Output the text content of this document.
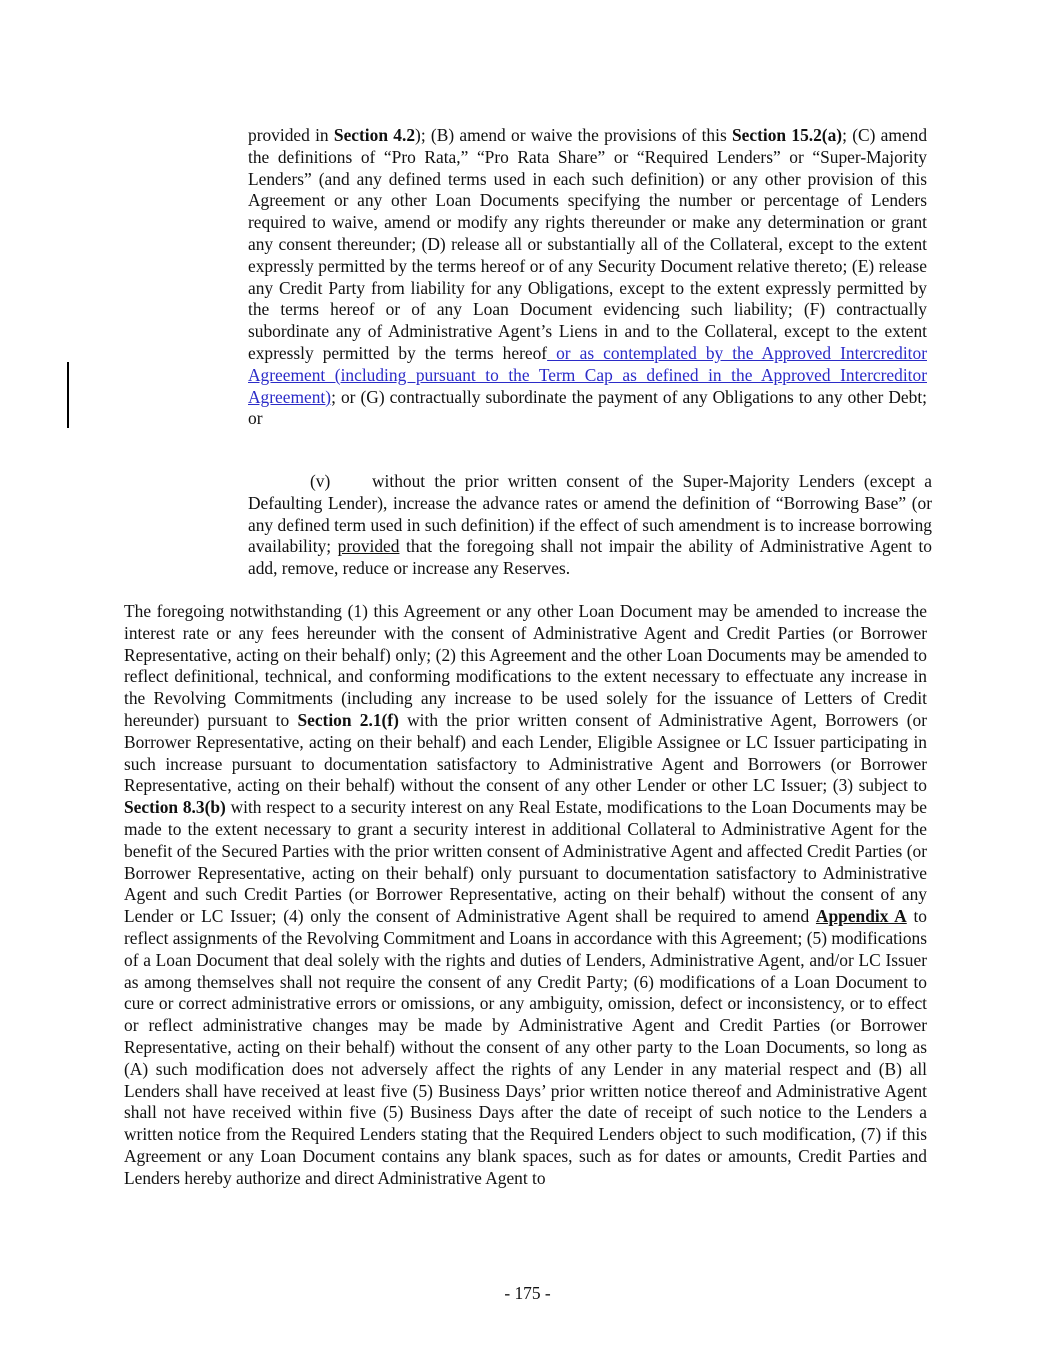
provided in Section 4.2); (B) amend or waive the provisions of this Section 15.2(a); (C) amend the definitions of “Pro Rata,” “Pro Rata Share” or “Required Lenders” or “Super-Majority Lenders” (and any defined terms used in each such definition) or any other provision of this Agreement or any other Loan Documents specifying the number or percentage of Lenders required to waive, amend or modify any rights thereunder or make any determination or grant any consent thereunder; (D) release all or substantially all of the Collateral, except to the extent expressly permitted by the terms hereof or of any Security Document relative thereto; (E) release any Credit Party from liability for any Obligations, except to the extent expressly permitted by the terms hereof or of any Loan Document evidencing such liability; (F) contractually subordinate any of Administrative Agent’s Liens in and to the Collateral, except to the extent expressly permitted by the terms hereof or as contemplated by the Approved Intercreditor Agreement (including pursuant to the Term Cap as defined in the Approved Intercreditor Agreement); or (G) contractually subordinate the payment of any Obligations to any other Debt; or

(v) without the prior written consent of the Super-Majority Lenders (except a Defaulting Lender), increase the advance rates or amend the definition of “Borrowing Base” (or any defined term used in such definition) if the effect of such amendment is to increase borrowing availability; provided that the foregoing shall not impair the ability of Administrative Agent to add, remove, reduce or increase any Reserves.

The foregoing notwithstanding (1) this Agreement or any other Loan Document may be amended to increase the interest rate or any fees hereunder with the consent of Administrative Agent and Credit Parties (or Borrower Representative, acting on their behalf) only; (2) this Agreement and the other Loan Documents may be amended to reflect definitional, technical, and conforming modifications to the extent necessary to effectuate any increase in the Revolving Commitments (including any increase to be used solely for the issuance of Letters of Credit hereunder) pursuant to Section 2.1(f) with the prior written consent of Administrative Agent, Borrowers (or Borrower Representative, acting on their behalf) and each Lender, Eligible Assignee or LC Issuer participating in such increase pursuant to documentation satisfactory to Administrative Agent and Borrowers (or Borrower Representative, acting on their behalf) without the consent of any other Lender or other LC Issuer; (3) subject to Section 8.3(b) with respect to a security interest on any Real Estate, modifications to the Loan Documents may be made to the extent necessary to grant a security interest in additional Collateral to Administrative Agent for the benefit of the Secured Parties with the prior written consent of Administrative Agent and affected Credit Parties (or Borrower Representative, acting on their behalf) only pursuant to documentation satisfactory to Administrative Agent and such Credit Parties (or Borrower Representative, acting on their behalf) without the consent of any Lender or LC Issuer; (4) only the consent of Administrative Agent shall be required to amend Appendix A to reflect assignments of the Revolving Commitment and Loans in accordance with this Agreement; (5) modifications of a Loan Document that deal solely with the rights and duties of Lenders, Administrative Agent, and/or LC Issuer as among themselves shall not require the consent of any Credit Party; (6) modifications of a Loan Document to cure or correct administrative errors or omissions, or any ambiguity, omission, defect or inconsistency, or to effect or reflect administrative changes may be made by Administrative Agent and Credit Parties (or Borrower Representative, acting on their behalf) without the consent of any other party to the Loan Documents, so long as (A) such modification does not adversely affect the rights of any Lender in any material respect and (B) all Lenders shall have received at least five (5) Business Days’ prior written notice thereof and Administrative Agent shall not have received within five (5) Business Days after the date of receipt of such notice to the Lenders a written notice from the Required Lenders stating that the Required Lenders object to such modification, (7) if this Agreement or any Loan Document contains any blank spaces, such as for dates or amounts, Credit Parties and Lenders hereby authorize and direct Administrative Agent to

- 175 -
